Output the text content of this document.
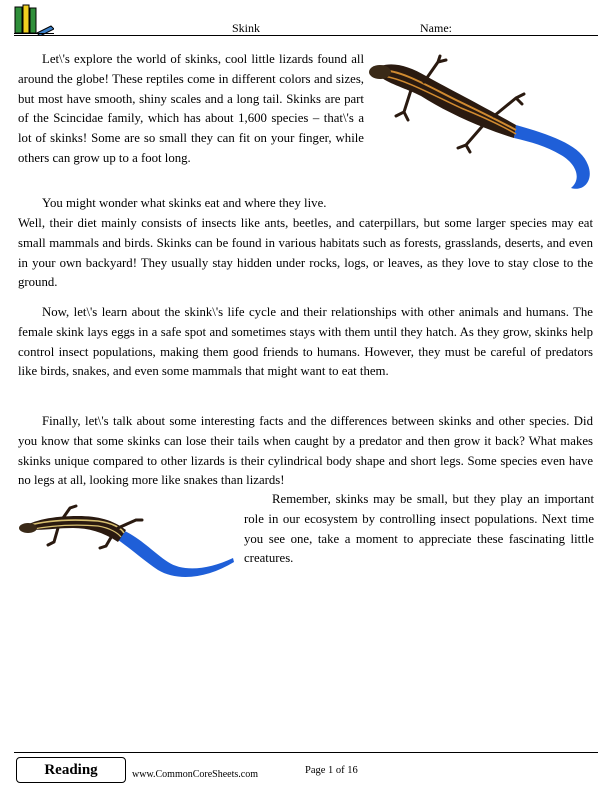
Skink	Name:

Let\'s explore the world of skinks, cool little lizards found all around the globe! These reptiles come in different colors and sizes, but most have smooth, shiny scales and a long tail. Skinks are part of the Scincidae family, which has about 1,600 species – that\'s a lot of skinks! Some are so small they can fit on your finger, while others can grow up to a foot long.

You might wonder what skinks eat and where they live.

Well, their diet mainly consists of insects like ants, beetles, and caterpillars, but some larger species may eat small mammals and birds. Skinks can be found in various habitats such as forests, grasslands, deserts, and even in your own backyard! They usually stay hidden under rocks, logs, or leaves, as they love to stay close to the ground.

Now, let\'s learn about the skink\'s life cycle and their relationships with other animals and humans. The female skink lays eggs in a safe spot and sometimes stays with them until they hatch. As they grow, skinks help control insect populations, making them good friends to humans. However, they must be careful of predators like birds, snakes, and even some mammals that might want to eat them.

Finally, let\'s talk about some interesting facts and the differences between skinks and other species. Did you know that some skinks can lose their tails when caught by a predator and then grow it back? What makes skinks unique compared to other lizards is their cylindrical body shape and short legs. Some species even have no legs at all, looking more like snakes than lizards!

Remember, skinks may be small, but they play an important role in our ecosystem by controlling insect populations. Next time you see one, take a moment to appreciate these fascinating little creatures.

Reading	www.CommonCoreSheets.com	Page 1 of 16
